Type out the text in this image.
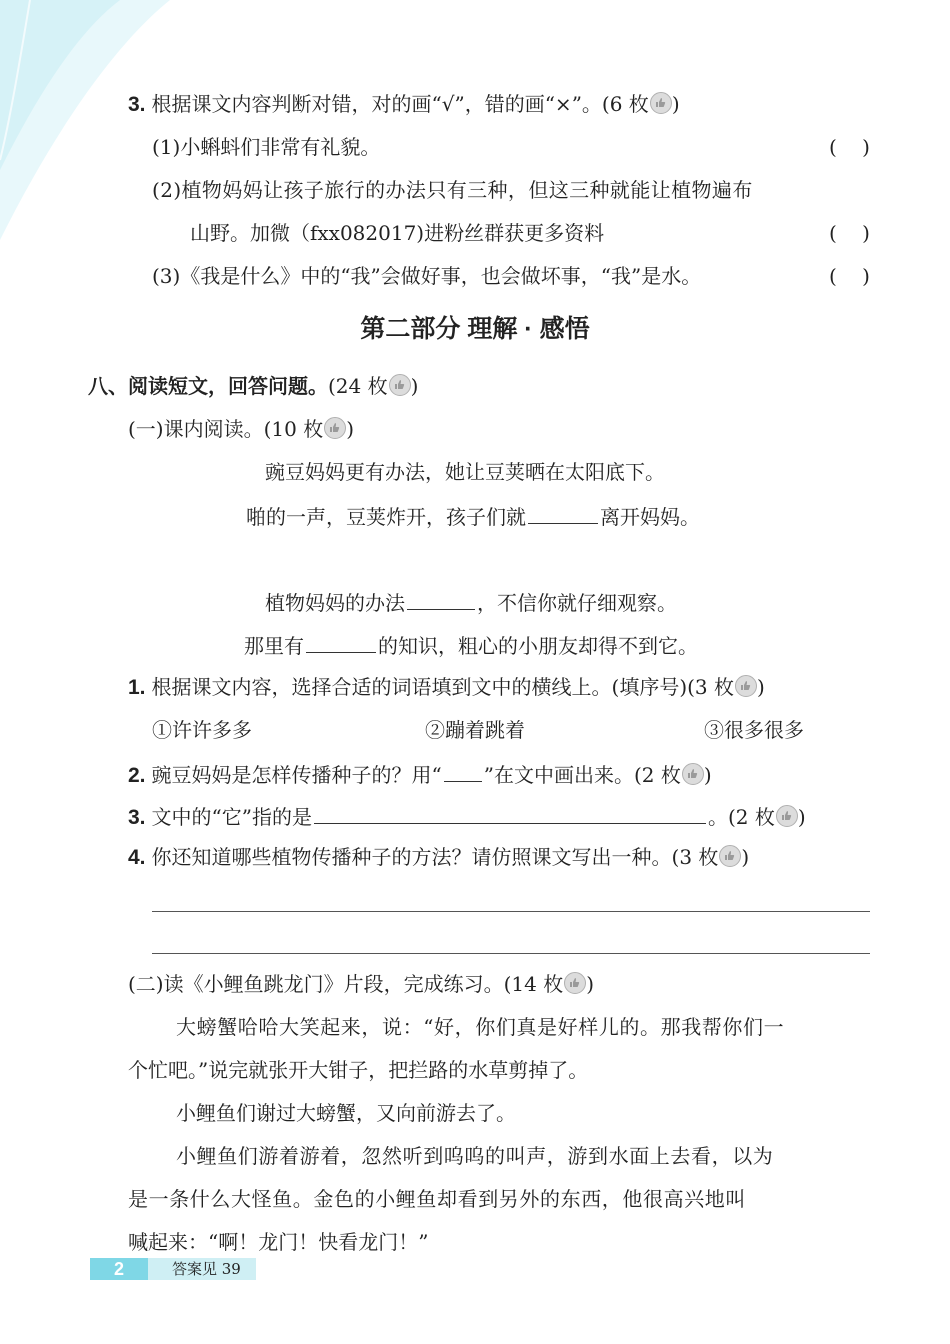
3. 根据课文内容判断对错，对的画“√”，错的画“×”。(6 枚 )
(1)小蝌蚪们非常有礼貌。	(    )
(2)植物妈妈让孩子旅行的办法只有三种，但这三种就能让植物遍布
山野。加微（fxx082017)进粉丝群获更多资料	(    )
(3)《我是什么》中的“我”会做好事，也会做坏事，“我”是水。	(    )
第二部分 理解 · 感悟
八、阅读短文，回答问题。(24 枚 )
(一)课内阅读。(10 枚 )
豌豆妈妈更有办法，她让豆荚晒在太阳底下。
啪的一声，豆荚炸开，孩子们就	离开妈妈。
植物妈妈的办法	，不信你就仔细观察。
那里有	的知识，粗心的小朋友却得不到它。
1. 根据课文内容，选择合适的词语填到文中的横线上。(填序号)(3 枚 )
①许许多多	②蹦着跳着	③很多很多
2. 豌豆妈妈是怎样传播种子的？用“ ”在文中画出来。(2 枚 )
3. 文中的“它”指的是	。(2 枚 )
4. 你还知道哪些植物传播种子的方法？请仿照课文写出一种。(3 枚 )
(二)读《小鲤鱼跳龙门》片段，完成练习。(14 枚 )
大螃蟹哈哈大笑起来，说：“好，你们真是好样儿的。那我帮你们一
个忙吧。”说完就张开大钳子，把拦路的水草剪掉了。
小鲤鱼们谢过大螃蟹，又向前游去了。
小鲤鱼们游着游着，忽然听到呜呜的叫声，游到水面上去看，以为
是一条什么大怪鱼。金色的小鲤鱼却看到另外的东西，他很高兴地叫
喊起来：“啊！龙门！快看龙门！”
答案见 39
2
